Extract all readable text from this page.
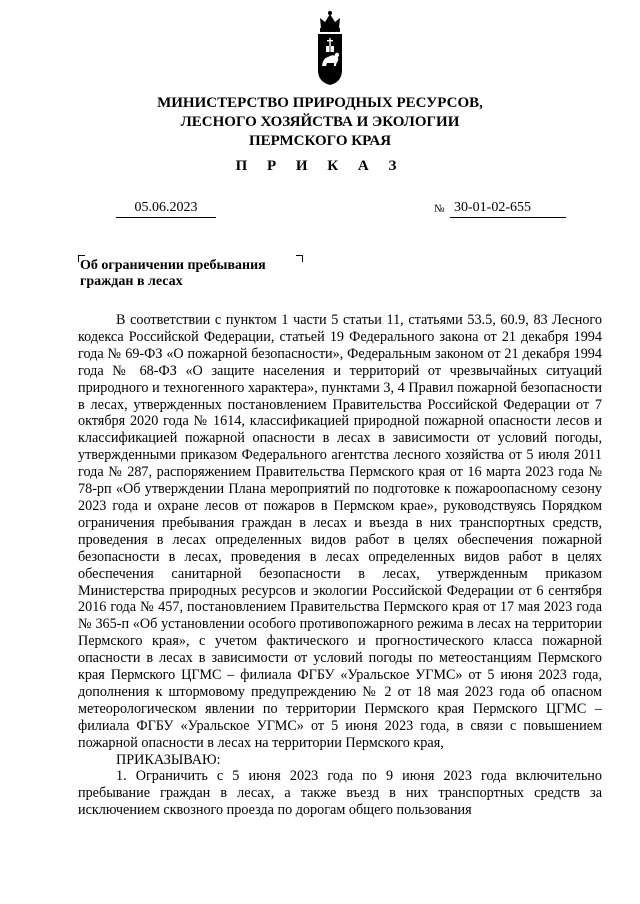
МИНИСТЕРСТВО ПРИРОДНЫХ РЕСУРСОВ,
ЛЕСНОГО ХОЗЯЙСТВА И ЭКОЛОГИИ
ПЕРМСКОГО КРАЯ
П Р И К А З
05.06.2023	№ 30-01-02-655
Об ограничении пребывания
граждан в лесах

В соответствии с пунктом 1 части 5 статьи 11, статьями 53.5, 60.9, 83 Лесного кодекса Российской Федерации, статьей 19 Федерального закона от 21 декабря 1994 года № 69-ФЗ «О пожарной безопасности», Федеральным законом от 21 декабря 1994 года № 68-ФЗ «О защите населения и территорий от чрезвычайных ситуаций природного и техногенного характера», пунктами 3, 4 Правил пожарной безопасности в лесах, утвержденных постановлением Правительства Российской Федерации от 7 октября 2020 года № 1614, классификацией природной пожарной опасности лесов и классификацией пожарной опасности в лесах в зависимости от условий погоды, утвержденными приказом Федерального агентства лесного хозяйства от 5 июля 2011 года № 287, распоряжением Правительства Пермского края от 16 марта 2023 года № 78-рп «Об утверждении Плана мероприятий по подготовке к пожароопасному сезону 2023 года и охране лесов от пожаров в Пермском крае», руководствуясь Порядком ограничения пребывания граждан в лесах и въезда в них транспортных средств, проведения в лесах определенных видов работ в целях обеспечения пожарной безопасности в лесах, проведения в лесах определенных видов работ в целях обеспечения санитарной безопасности в лесах, утвержденным приказом Министерства природных ресурсов и экологии Российской Федерации от 6 сентября 2016 года № 457, постановлением Правительства Пермского края от 17 мая 2023 года № 365-п «Об установлении особого противопожарного режима в лесах на территории Пермского края», с учетом фактического и прогностического класса пожарной опасности в лесах в зависимости от условий погоды по метеостанциям Пермского края Пермского ЦГМС – филиала ФГБУ «Уральское УГМС» от 5 июня 2023 года, дополнения к штормовому предупреждению № 2 от 18 мая 2023 года об опасном метеорологическом явлении по территории Пермского края Пермского ЦГМС – филиала ФГБУ «Уральское УГМС» от 5 июня 2023 года, в связи с повышением пожарной опасности в лесах на территории Пермского края,

ПРИКАЗЫВАЮ:

1. Ограничить с 5 июня 2023 года по 9 июня 2023 года включительно пребывание граждан в лесах, а также въезд в них транспортных средств за исключением сквозного проезда по дорогам общего пользования
